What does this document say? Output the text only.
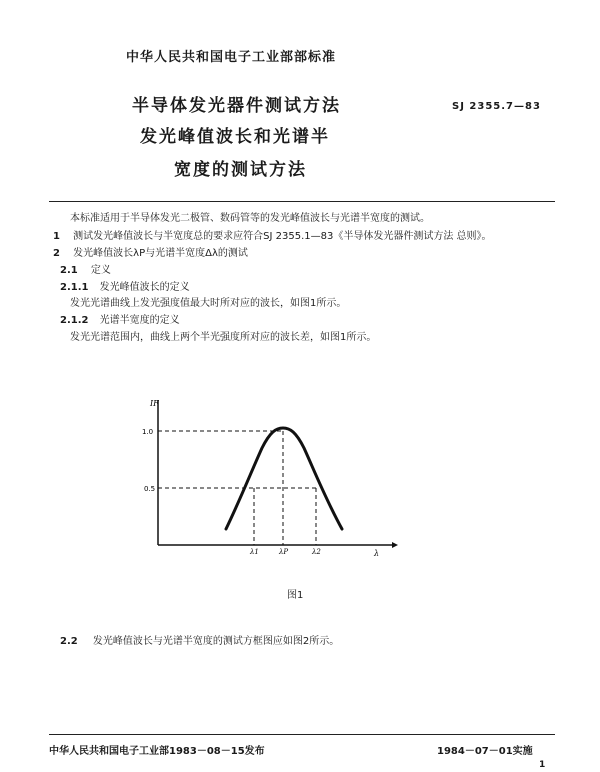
中华人民共和国电子工业部部标准
半导体发光器件测试方法
发光峰值波长和光谱半
宽度的测试方法
SJ 2355.7—83
本标准适用于半导体发光二极管、数码管等的发光峰值波长与光谱半宽度的测试。
1 测试发光峰值波长与半宽度总的要求应符合SJ 2355.1—83《半导体发光器件测试方法 总则》。
2 发光峰值波长λP与光谱半宽度Δλ的测试
2.1 定义
2.1.1 发光峰值波长的定义
发光光谱曲线上发光强度值最大时所对应的波长，如图1所示。
2.1.2 光谱半宽度的定义
发光光谱范围内，曲线上两个半光强度所对应的波长差，如图1所示。
IF
λ
1.0
0.5
λ1	λP	λ2
图1
2.2 发光峰值波长与光谱半宽度的测试方框图应如图2所示。
中华人民共和国电子工业部1983－08－15发布	1984－07－01实施
1
